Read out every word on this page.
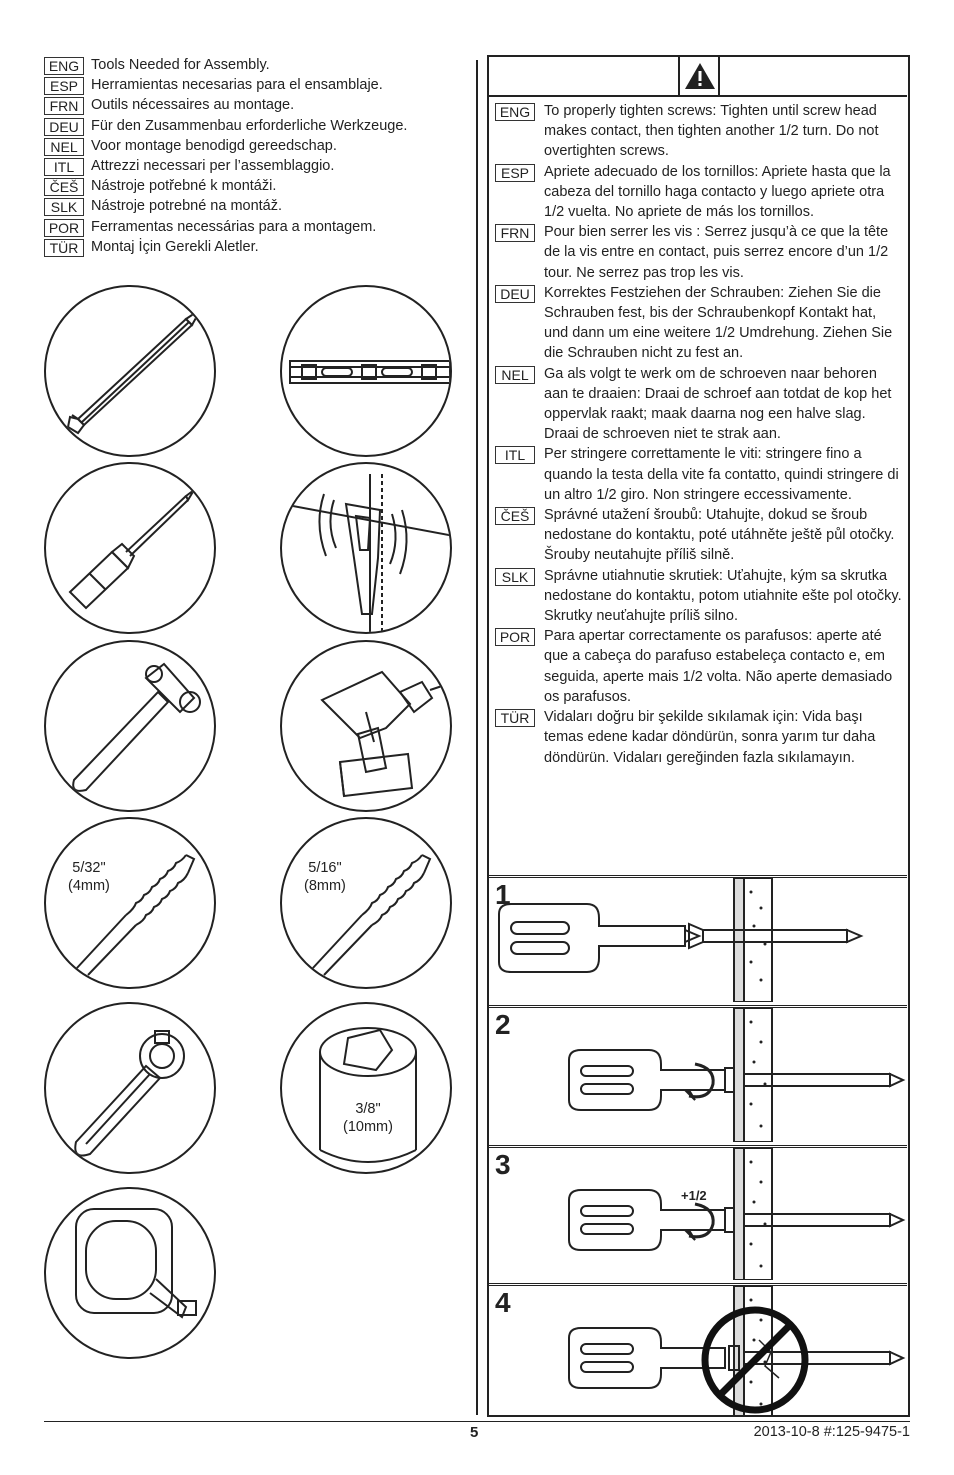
ENG Tools Needed for Assembly.
ESP Herramientas necesarias para el ensamblaje.
FRN Outils nécessaires au montage.
DEU Für den Zusammenbau erforderliche Werkzeuge.
NEL Voor montage benodigd gereedschap.
ITL	Attrezzi necessari per l’assemblaggio.
ČEŠ Nástroje potřebné k montáži.
SLK Nástroje potrebné na montáž.
POR Ferramentas necessárias para a montagem.
TÜR Montaj İçin Gerekli Aletler.
5/32"
(4mm)
5/16"
(8mm)
3/8"
(10mm)
ENG To properly tighten screws: Tighten until screw head makes contact, then tighten another 1/2 turn. Do not overtighten screws.
ESP	Apriete adecuado de los tornillos: Apriete hasta que la cabeza del tornillo haga contacto y luego apriete otra 1/2 vuelta. No apriete de más los tornillos.
FRN	Pour bien serrer les vis : Serrez jusqu’à ce que la tête de la vis entre en contact, puis serrez encore d’un 1/2 tour. Ne serrez pas trop les vis.
DEU Korrektes Festziehen der Schrauben: Ziehen Sie die Schrauben fest, bis der Schraubenkopf Kontakt hat, und dann um eine weitere 1/2 Umdrehung. Ziehen Sie die Schrauben nicht zu fest an.
NEL	Ga als volgt te werk om de schroeven naar behoren aan te draaien: Draai de schroef aan totdat de kop het oppervlak raakt; maak daarna nog een halve slag. Draai de schroeven niet te strak aan.
ITL	Per stringere correttamente le viti: stringere fino a quando la testa della vite fa contatto, quindi stringere di un altro 1/2 giro. Non stringere eccessivamente.
ČEŠ	Správné utažení šroubů: Utahujte, dokud se šroub nedostane do kontaktu, poté utáhněte ještě půl otočky. Šrouby neutahujte příliš silně.
SLK	Správne utiahnutie skrutiek: Uťahujte, kým sa skrutka nedostane do kontaktu, potom utiahnite ešte pol otočky. Skrutky neuťahujte príliš silno.
POR Para apertar correctamente os parafusos: aperte até que a cabeça do parafuso estabeleça contacto e, em seguida, aperte mais 1/2 volta. Não aperte demasiado os parafusos.
TÜR	Vidaları doğru bir şekilde sıkılamak için: Vida başı temas edene kadar döndürün, sonra yarım tur daha döndürün. Vidaları gereğinden fazla sıkılamayın.
1
2
3
+1/2
4
5	2013-10-8 #:125-9475-1
